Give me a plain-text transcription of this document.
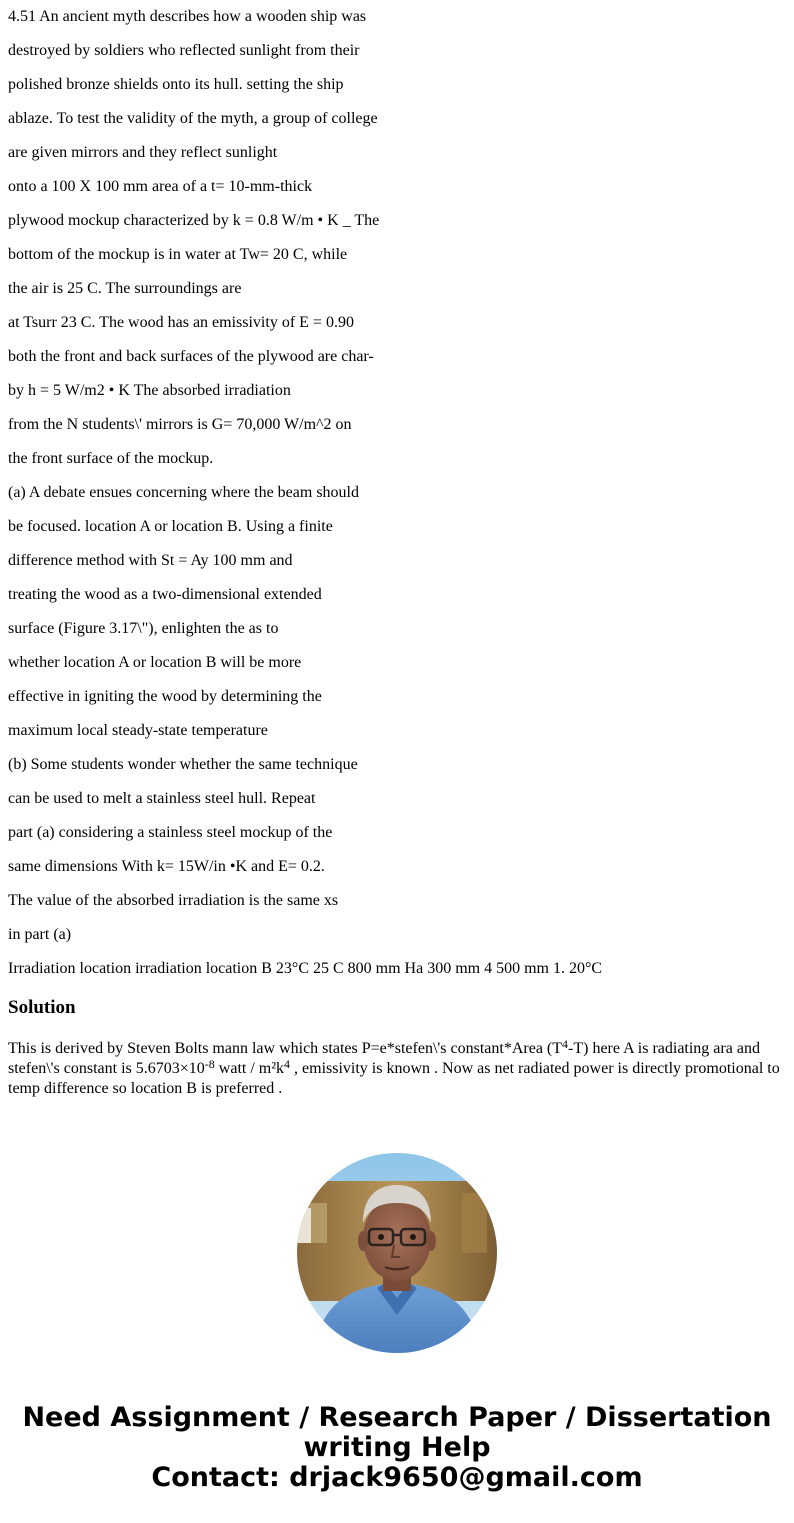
4.51 An ancient myth describes how a wooden ship was

destroyed by soldiers who reflected sunlight from their

polished bronze shields onto its hull. setting the ship

ablaze. To test the validity of the myth, a group of college

are given mirrors and they reflect sunlight

onto a 100 X 100 mm area of a t= 10-mm-thick

plywood mockup characterized by k = 0.8 W/m • K _ The

bottom of the mockup is in water at Tw= 20 C, while

the air is 25 C. The surroundings are

at Tsurr 23 C. The wood has an emissivity of E = 0.90

both the front and back surfaces of the plywood are char-

by h = 5 W/m2 • K The absorbed irradiation

from the N students\' mirrors is G= 70,000 W/m^2 on

the front surface of the mockup.

(a) A debate ensues concerning where the beam should

be focused. location A or location B. Using a finite

difference method with St = Ay 100 mm and

treating the wood as a two-dimensional extended

surface (Figure 3.17\"), enlighten the as to

whether location A or location B will be more

effective in igniting the wood by determining the

maximum local steady-state temperature

(b) Some students wonder whether the same technique

can be used to melt a stainless steel hull. Repeat

part (a) considering a stainless steel mockup of the

same dimensions With k= 15W/in •K and E= 0.2.

The value of the absorbed irradiation is the same xs

in part (a)

Irradiation location irradiation location B 23°C 25 C 800 mm Ha 300 mm 4 500 mm 1. 20°C

Solution

This is derived by Steven Bolts mann law which states P=e*stefen\'s constant*Area $(T^4-T)$ here A is radiating ara and stefen\'s constant is $5.6703\times 10^{-8}$ watt / $m^2k^4$ , emissivity is known . Now as net radiated power is directly promotional to temp difference so location B is preferred .

Need Assignment / Research Paper / Dissertation
writing Help
Contact: drjack9650@gmail.com
